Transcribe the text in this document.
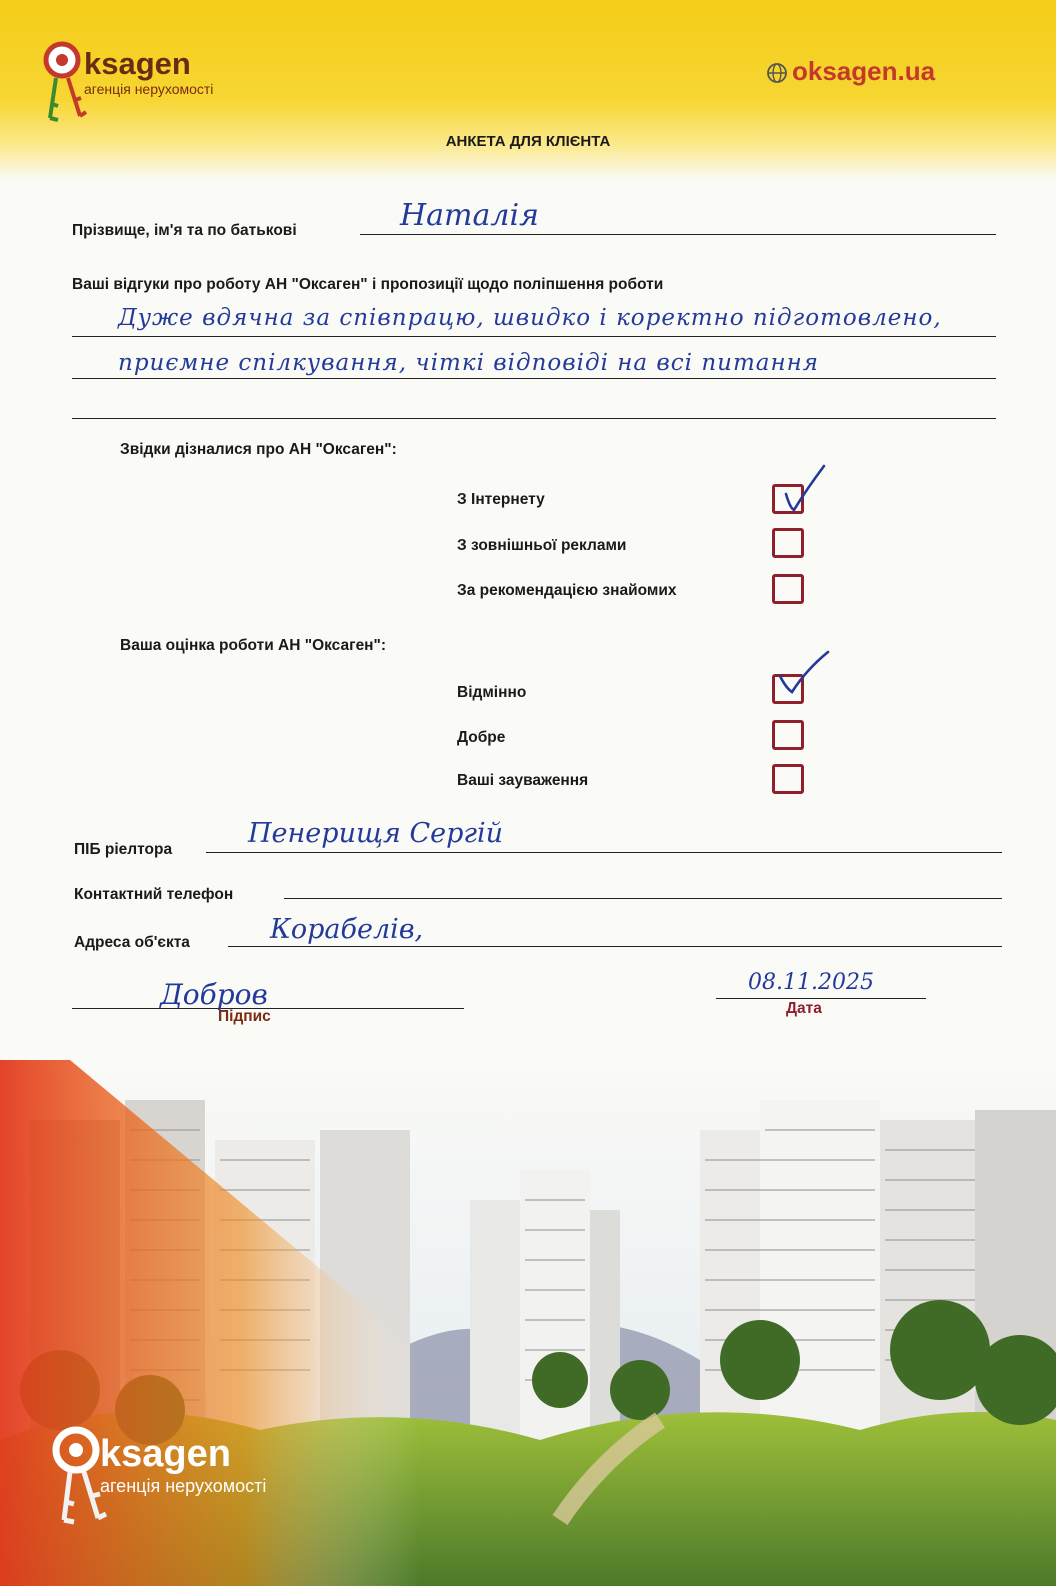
ksagen
агенція нерухомості
oksagen.ua
АНКЕТА ДЛЯ КЛІЄНТА
Прізвище, ім'я та по батькові	Наталія
Ваші відгуки про роботу АН "Оксаген" і пропозиції щодо поліпшення роботи
Дуже вдячна за співпрацю, швидко і коректно підготовлено,
приємне спілкування, чіткі відповіді на всі питання
Звідки дізналися про АН "Оксаген":
З Інтернету
З зовнішньої реклами
За рекомендацією знайомих
Ваша оцінка роботи АН "Оксаген":
Відмінно
Добре
Ваші зауваження
ПІБ ріелтора
Пенерищя Сергій
Контактний телефон
Адреса об'єкта	Корабелів,
Добров
Підпис
08.11.2025
Дата
ksagen
агенція нерухомості
